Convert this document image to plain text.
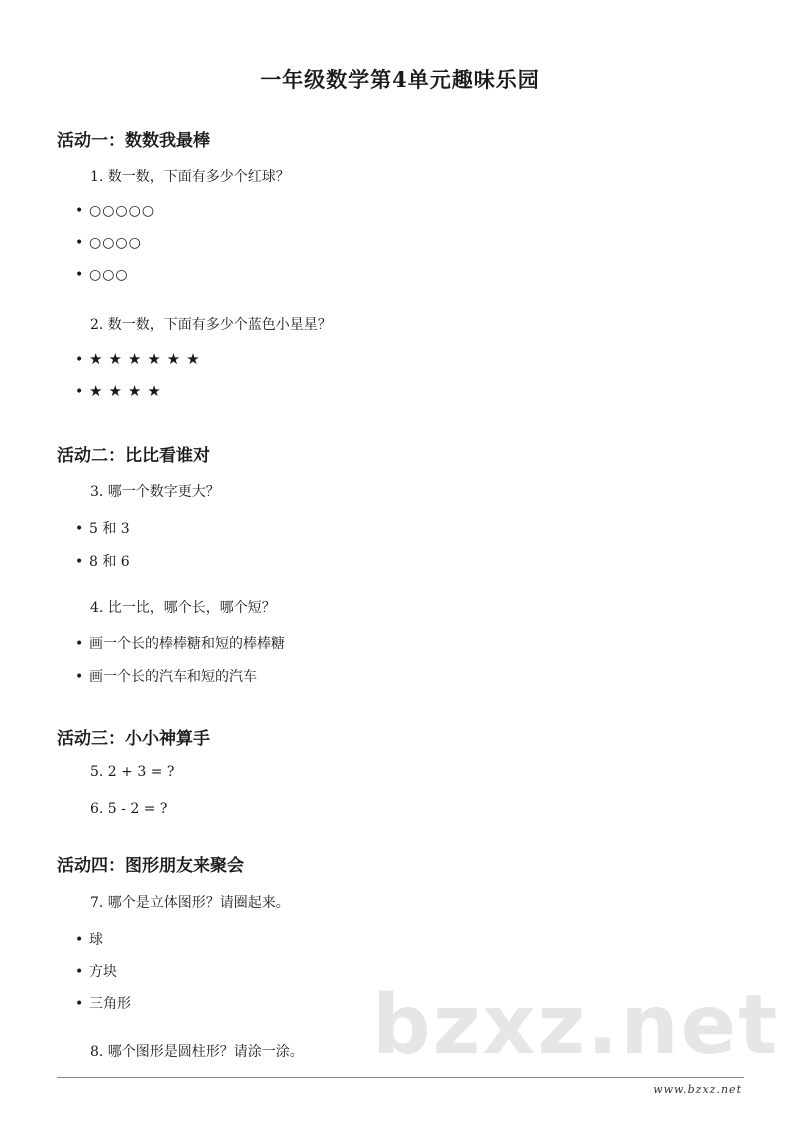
一年级数学第4单元趣味乐园
活动一：数数我最棒
1. 数一数，下面有多少个红球？
• ○○○○○
• ○○○○
• ○○○
2. 数一数，下面有多少个蓝色小星星？
• ★★★★★★
• ★★★★
活动二：比比看谁对
3. 哪一个数字更大？
• 5 和 3
• 8 和 6
4. 比一比，哪个长，哪个短？
• 画一个长的棒棒糖和短的棒棒糖
• 画一个长的汽车和短的汽车
活动三：小小神算手
5. 2 + 3 = ?
6. 5 - 2 = ?
活动四：图形朋友来聚会
7. 哪个是立体图形？请圈起来。
• 球
• 方块
• 三角形	bzxz.net
8. 哪个图形是圆柱形？请涂一涂。
www.bzxz.net
